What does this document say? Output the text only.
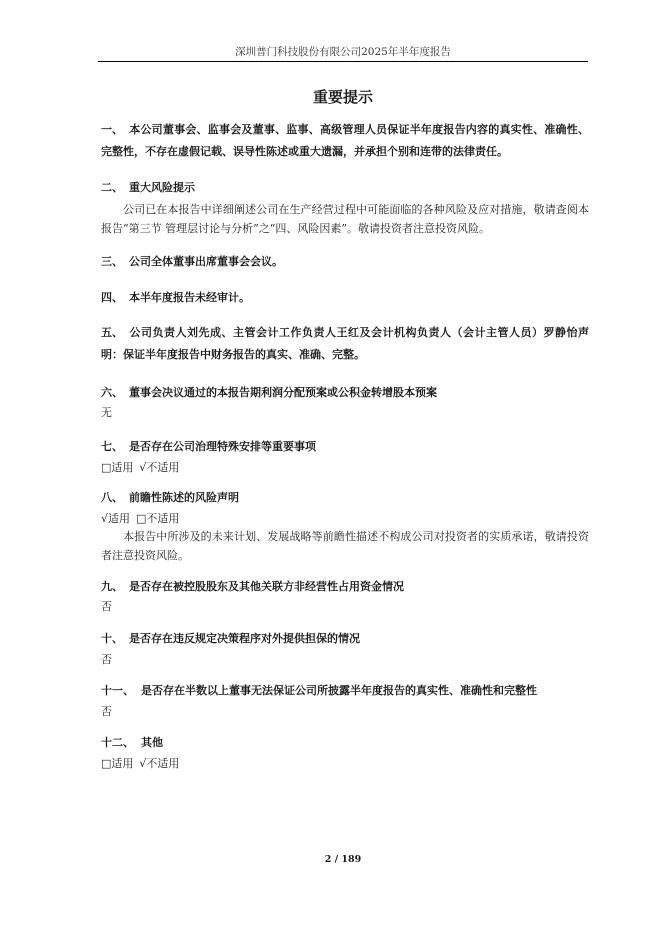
深圳普门科技股份有限公司2025年半年度报告
重要提示
一、 本公司董事会、监事会及董事、监事、高级管理人员保证半年度报告内容的真实性、准确性、完整性，不存在虚假记载、误导性陈述或重大遗漏，并承担个别和连带的法律责任。
二、 重大风险提示
公司已在本报告中详细阐述公司在生产经营过程中可能面临的各种风险及应对措施，敬请查阅本报告“第三节 管理层讨论与分析”之“四、风险因素”。敬请投资者注意投资风险。
三、 公司全体董事出席董事会会议。
四、 本半年度报告未经审计。
五、 公司负责人刘先成、主管会计工作负责人王红及会计机构负责人（会计主管人员）罗静怡声明：保证半年度报告中财务报告的真实、准确、完整。
六、 董事会决议通过的本报告期利润分配预案或公积金转增股本预案
无
七、 是否存在公司治理特殊安排等重要事项
□适用 √不适用
八、 前瞻性陈述的风险声明
√适用 □不适用
本报告中所涉及的未来计划、发展战略等前瞻性描述不构成公司对投资者的实质承诺，敬请投资者注意投资风险。
九、 是否存在被控股股东及其他关联方非经营性占用资金情况
否
十、 是否存在违反规定决策程序对外提供担保的情况
否
十一、 是否存在半数以上董事无法保证公司所披露半年度报告的真实性、准确性和完整性
否
十二、 其他
□适用 √不适用
2 / 189
